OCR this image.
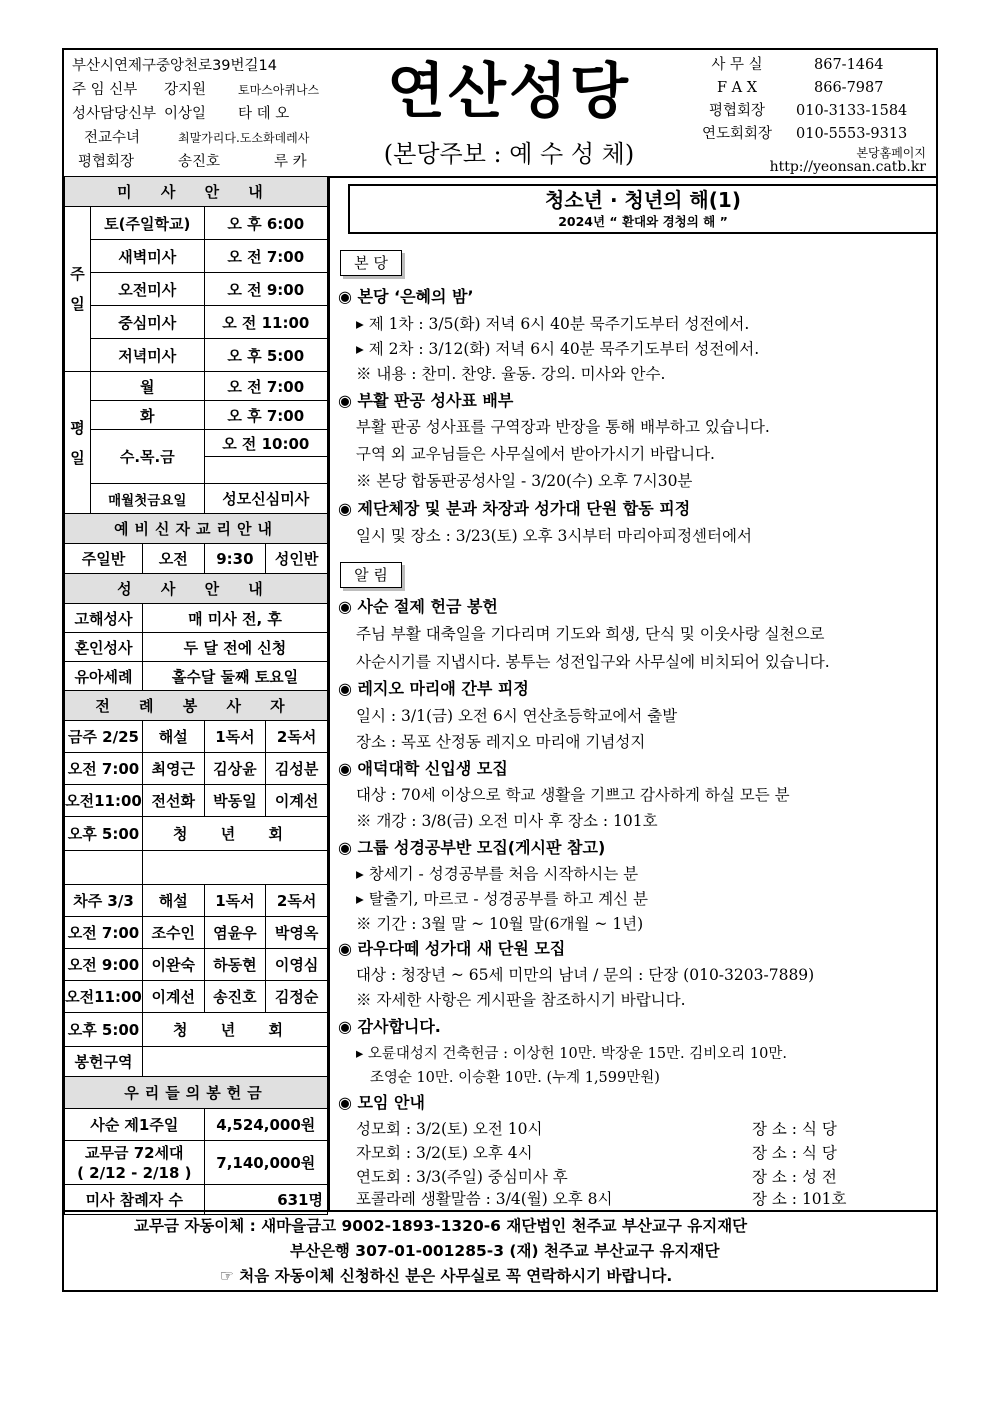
부산시연제구중앙천로39번길14
주 임 신부	강지원	토마스아퀴나스
성사담당신부 이상일	타 데 오
전교수녀	최말가리다.도소화데레사
평협회장	송진호	루 카
연산성당
(본당주보 : 예 수 성 체)
사 무 실	867-1464
F A X	866-7987
평협회장	010-3133-1584
연도회회장	010-5553-9313
본당홈페이지
http://yeonsan.catb.kr
미 사 안 내				
주
일	토(주일학교)		오 후 6:00	
	새벽미사		오 전 7:00	
	오전미사		오 전 9:00	
	중심미사		오 전 11:00	
	저녁미사		오 후 5:00	
평
일	월		오 전 7:00	
	화		오 후 7:00	
	수.목.금		오 전 10:00	

	매월첫금요일		성모신심미사	
예비신자교리안내				
주일반		오전	9:30	성인반
성 사 안 내				
고해성사		매 미사 전, 후		
혼인성사		두 달 전에 신청		
유아세례		홀수달 둘째 토요일		
전 례 봉 사 자				
금주 2/25		해설	1독서	2독서
오전 7:00		최영근	김상윤	김성분
오전11:00		전선화	박동일	이계선
오후 5:00		청 년 회		

차주 3/3		해설	1독서	2독서
오전 7:00		조수인	염윤우	박영옥
오전 9:00		이완숙	하동현	이영심
오전11:00		이계선	송진호	김정순
오후 5:00		청 년 회		
봉헌구역				
우리들의봉헌금				
사순 제1주일			4,524,000원	
교무금 72세대
( 2/12 - 2/18 )			7,140,000원	
미사 참례자 수			631명	
청소년 · 청년의 해(1)
2024년 “ 환대와 경청의 해 ”
본 당
◉ 본당 ‘은혜의 밤’
▸ 제 1차 : 3/5(화) 저녁 6시 40분 묵주기도부터 성전에서.
▸ 제 2차 : 3/12(화) 저녁 6시 40분 묵주기도부터 성전에서.
※ 내용 : 찬미. 찬양. 율동. 강의. 미사와 안수.
◉ 부활 판공 성사표 배부
부활 판공 성사표를 구역장과 반장을 통해 배부하고 있습니다.
구역 외 교우님들은 사무실에서 받아가시기 바랍니다.
※ 본당 합동판공성사일 - 3/20(수) 오후 7시30분
◉ 제단체장 및 분과 차장과 성가대 단원 합동 피정
일시 및 장소 : 3/23(토) 오후 3시부터 마리아피정센터에서
알 림
◉ 사순 절제 헌금 봉헌
주님 부활 대축일을 기다리며 기도와 희생, 단식 및 이웃사랑 실천으로
사순시기를 지냅시다. 봉투는 성전입구와 사무실에 비치되어 있습니다.
◉ 레지오 마리애 간부 피정
일시 : 3/1(금) 오전 6시 연산초등학교에서 출발
장소 : 목포 산정동 레지오 마리애 기념성지
◉ 애덕대학 신입생 모집
대상 : 70세 이상으로 학교 생활을 기쁘고 감사하게 하실 모든 분
※ 개강 : 3/8(금) 오전 미사 후 장소 : 101호
◉ 그룹 성경공부반 모집(게시판 참고)
▸ 창세기 - 성경공부를 처음 시작하시는 분
▸ 탈출기, 마르코 - 성경공부를 하고 계신 분
※ 기간 : 3월 말 ~ 10월 말(6개월 ~ 1년)
◉ 라우다떼 성가대 새 단원 모집
대상 : 청장년 ~ 65세 미만의 남녀 / 문의 : 단장 (010-3203-7889)
※ 자세한 사항은 게시판을 참조하시기 바랍니다.
◉ 감사합니다.
▸ 오륜대성지 건축헌금 : 이상헌 10만. 박장운 15만. 김비오리 10만.
조영순 10만. 이승환 10만. (누계 1,599만원)
◉ 모임 안내
성모회 : 3/2(토) 오전 10시	장 소 : 식 당
자모회 : 3/2(토) 오후 4시	장 소 : 식 당
연도회 : 3/3(주일) 중심미사 후	장 소 : 성 전
포콜라레 생활말씀 : 3/4(월) 오후 8시	장 소 : 101호
교무금 자동이체 : 새마을금고 9002-1893-1320-6 재단법인 천주교 부산교구 유지재단
부산은행 307-01-001285-3 (재) 천주교 부산교구 유지재단
☞ 처음 자동이체 신청하신 분은 사무실로 꼭 연락하시기 바랍니다.
